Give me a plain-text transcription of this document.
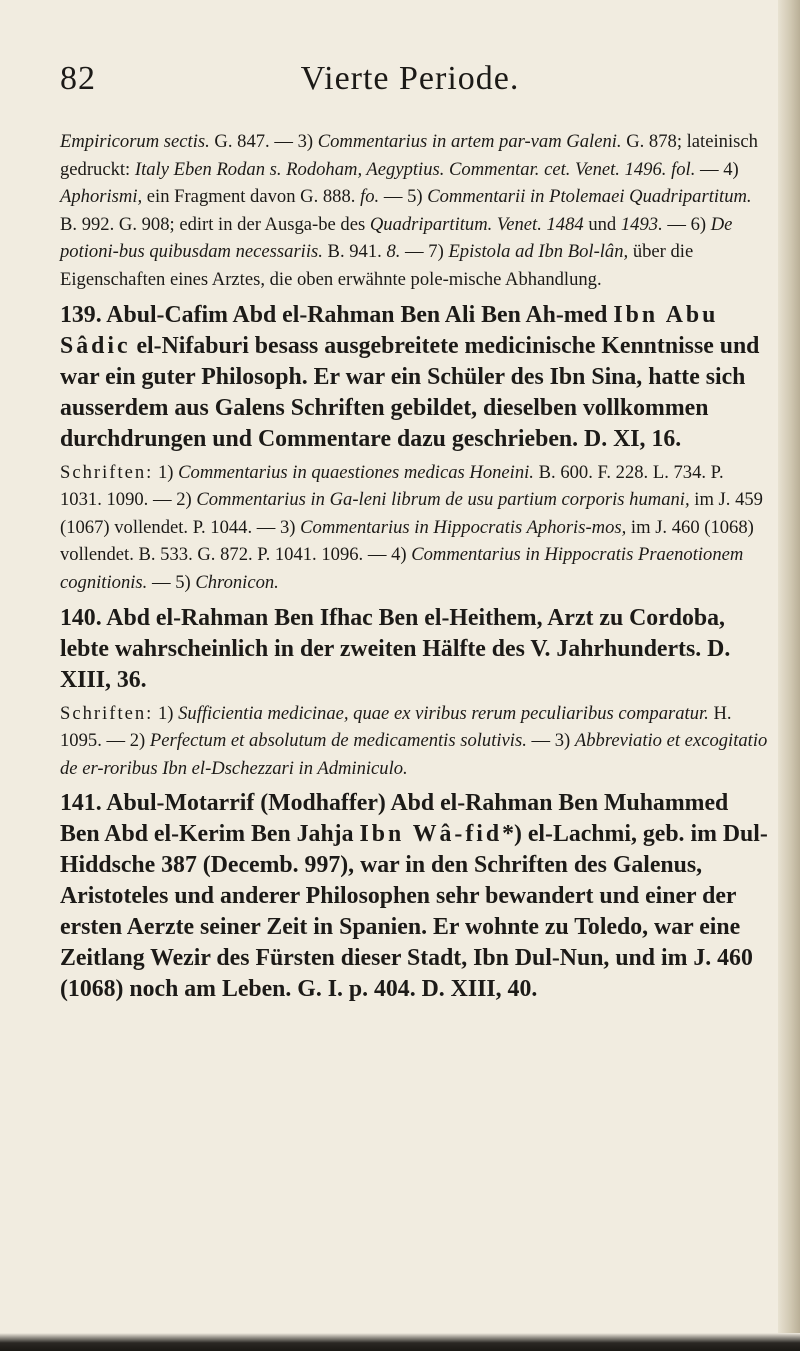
82	Vierte Periode.

Empiricorum sectis. G. 847. — 3) Commentarius in artem par-vam Galeni. G. 878; lateinisch gedruckt: Italy Eben Rodan s. Rodoham, Aegyptius. Commentar. cet. Venet. 1496. fol. — 4) Aphorismi, ein Fragment davon G. 888. fo. — 5) Commentarii in Ptolemaei Quadripartitum. B. 992. G. 908; edirt in der Ausga-be des Quadripartitum. Venet. 1484 und 1493. — 6) De potioni-bus quibusdam necessariis. B. 941. 8. — 7) Epistola ad Ibn Bol-lân, über die Eigenschaften eines Arztes, die oben erwähnte pole-mische Abhandlung.

139. Abul-Cafim Abd el-Rahman Ben Ali Ben Ah-med Ibn Abu Sâdic el-Nifaburi besass ausgebreitete medicinische Kenntnisse und war ein guter Philosoph. Er war ein Schüler des Ibn Sina, hatte sich ausserdem aus Galens Schriften gebildet, dieselben vollkommen durchdrungen und Commentare dazu geschrieben. D. XI, 16.

Schriften: 1) Commentarius in quaestiones medicas Honeini. B. 600. F. 228. L. 734. P. 1031. 1090. — 2) Commentarius in Ga-leni librum de usu partium corporis humani, im J. 459 (1067) vollendet. P. 1044. — 3) Commentarius in Hippocratis Aphoris-mos, im J. 460 (1068) vollendet. B. 533. G. 872. P. 1041. 1096. — 4) Commentarius in Hippocratis Praenotionem cognitionis. — 5) Chronicon.

140. Abd el-Rahman Ben Ifhac Ben el-Heithem, Arzt zu Cordoba, lebte wahrscheinlich in der zweiten Hälfte des V. Jahrhunderts. D. XIII, 36.

Schriften: 1) Sufficientia medicinae, quae ex viribus rerum peculiaribus comparatur. H. 1095. — 2) Perfectum et absolutum de medicamentis solutivis. — 3) Abbreviatio et excogitatio de er-roribus Ibn el-Dschezzari in Adminiculo.

141. Abul-Motarrif (Modhaffer) Abd el-Rahman Ben Muhammed Ben Abd el-Kerim Ben Jahja Ibn Wâ-fid*) el-Lachmi, geb. im Dul-Hiddsche 387 (Decemb. 997), war in den Schriften des Galenus, Aristoteles und anderer Philosophen sehr bewandert und einer der ersten Aerzte seiner Zeit in Spanien. Er wohnte zu Toledo, war eine Zeitlang Wezir des Fürsten dieser Stadt, Ibn Dul-Nun, und im J. 460 (1068) noch am Leben. G. I. p. 404. D. XIII, 40.
